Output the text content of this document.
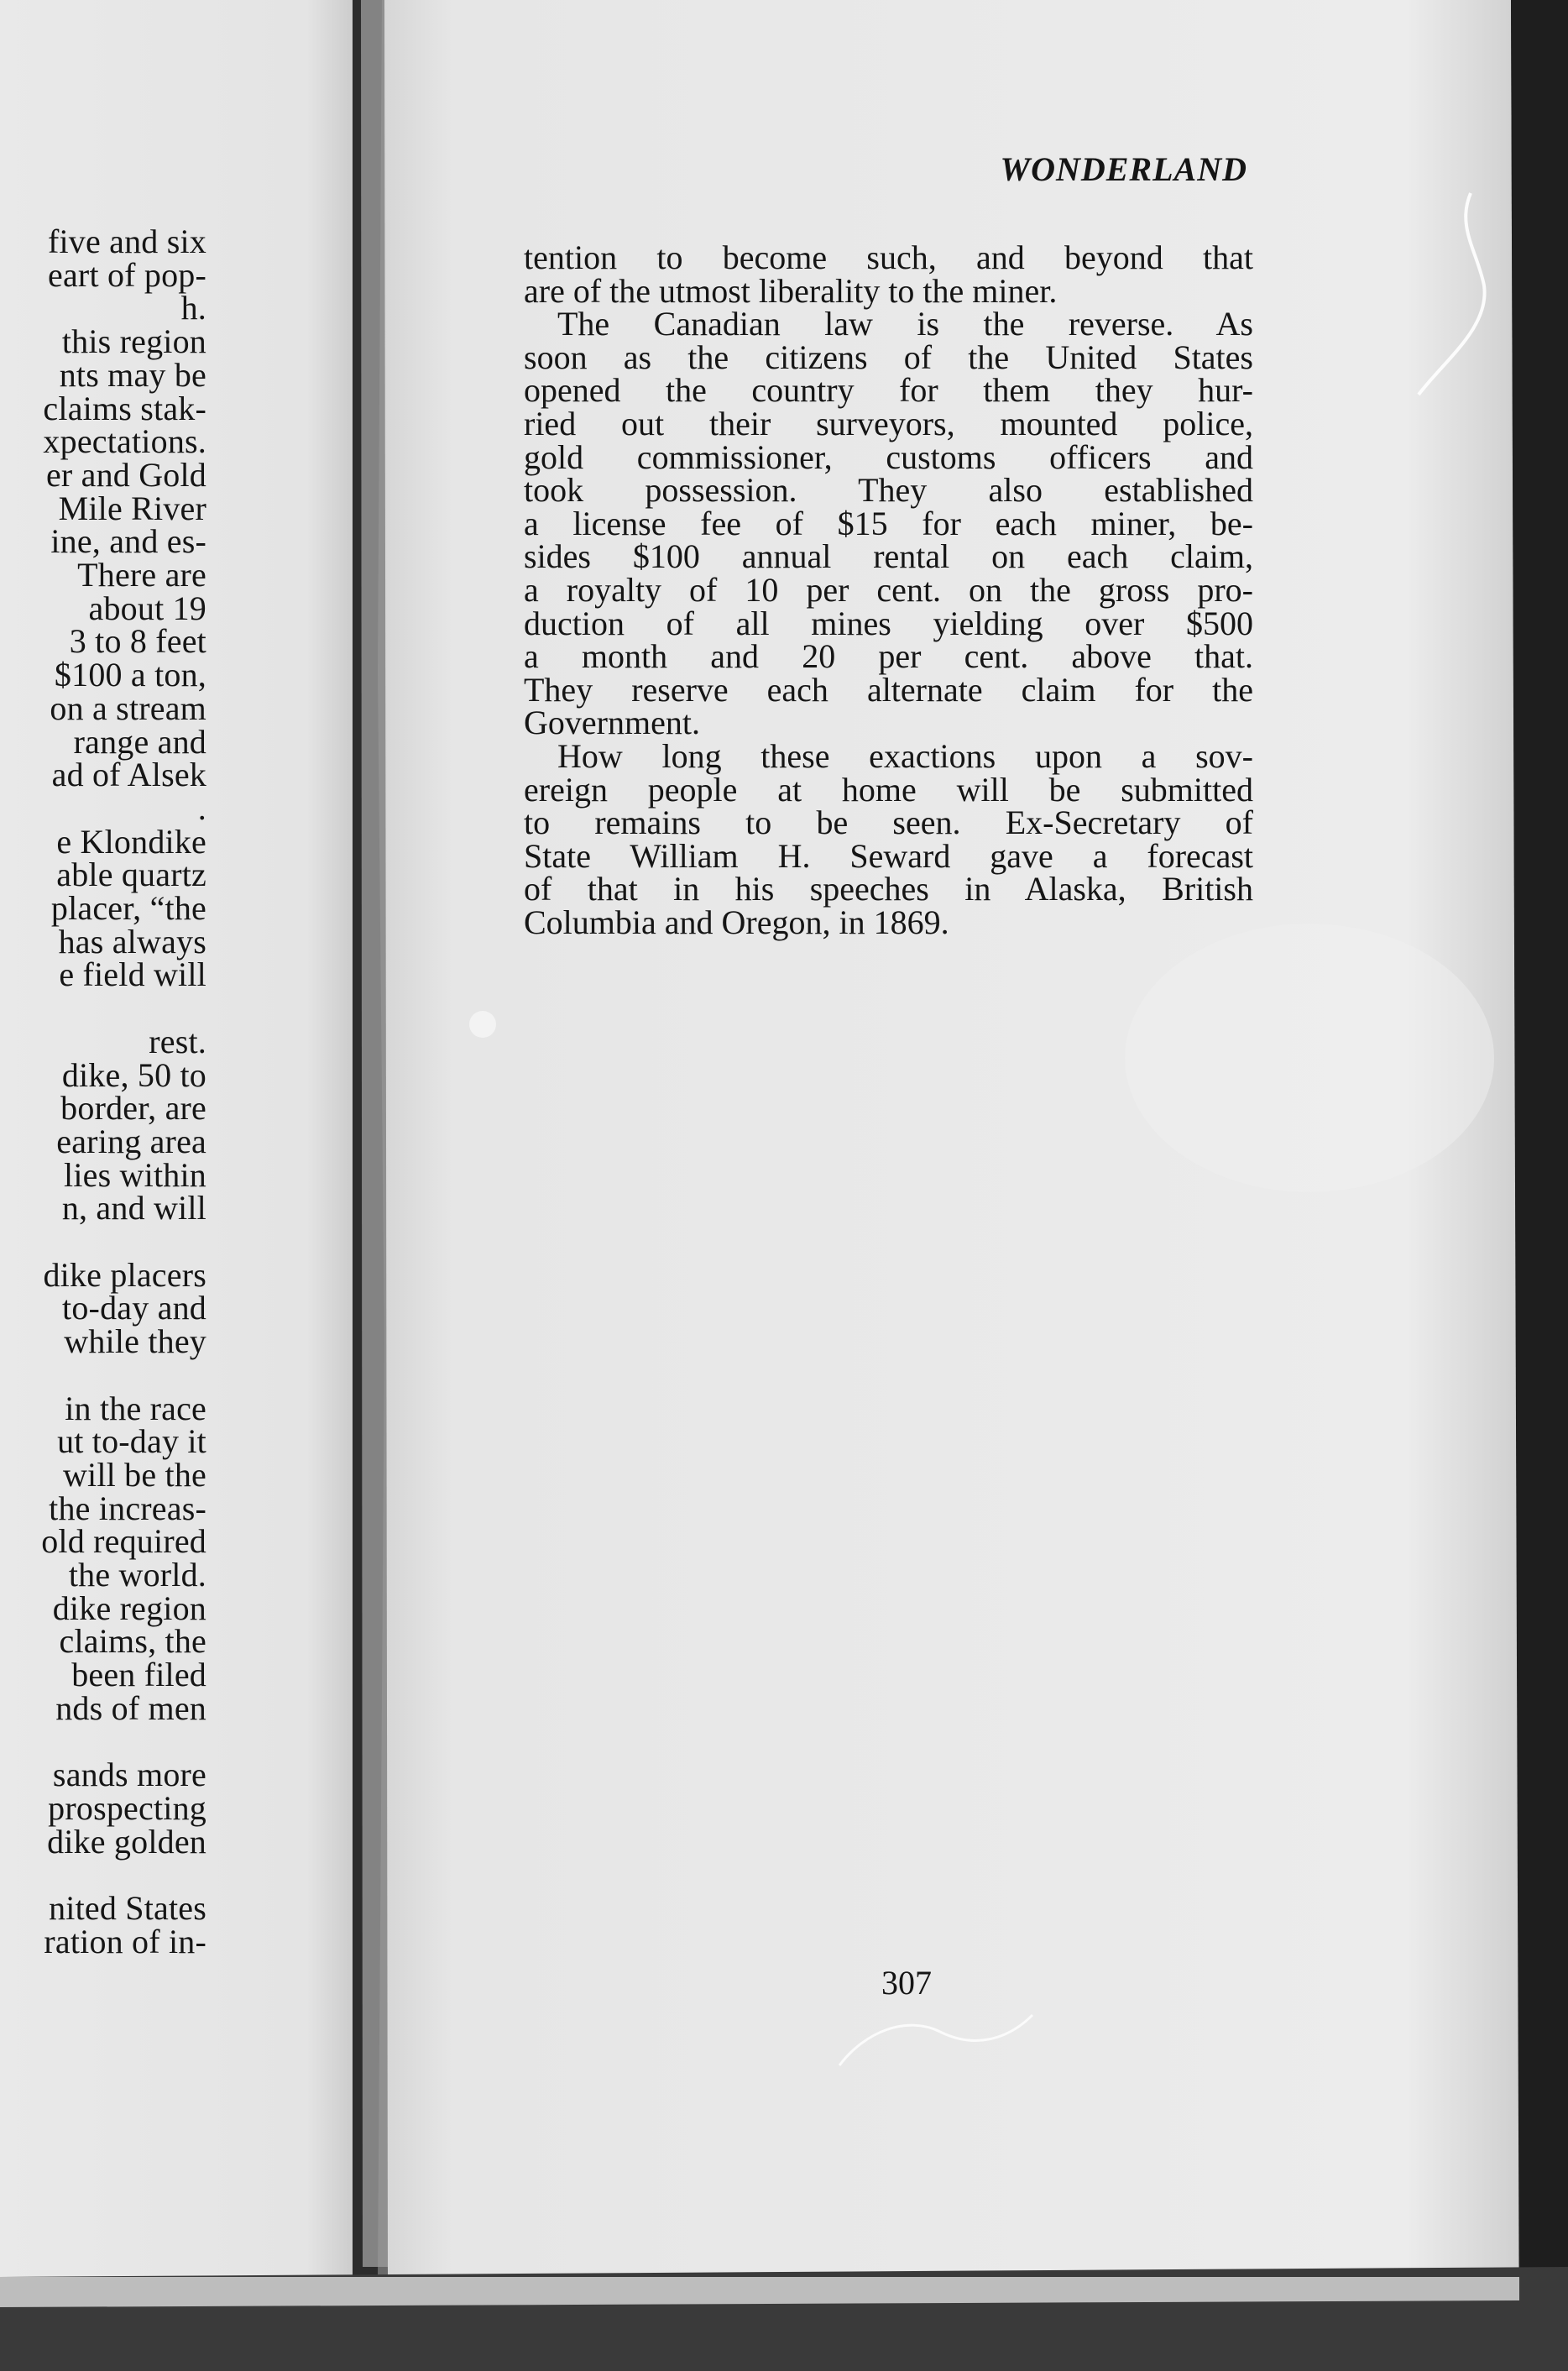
five and six
eart of pop-
h.
this region
nts may be
claims stak-
xpectations.
er and Gold
Mile River
ine, and es-
There are
about 19
3 to 8 feet
$100 a ton,
on a stream
range and
ad of Alsek
.
e Klondike
able quartz
placer, “the
has always
e field will
rest.
dike, 50 to
border, are
earing area
lies within
n, and will
dike placers
to-day and
while they
in the race
ut to-day it
will be the
the increas-
old required
the world.
dike region
claims, the
been filed
nds of men
sands more
prospecting
dike golden
nited States
ration of in-
WONDERLAND
tention to become such, and beyond that
are of the utmost liberality to the miner.
The Canadian law is the reverse. As
soon as the citizens of the United States
opened the country for them they hur-
ried out their surveyors, mounted police,
gold commissioner, customs officers and
took possession. They also established
a license fee of $15 for each miner, be-
sides $100 annual rental on each claim,
a royalty of 10 per cent. on the gross pro-
duction of all mines yielding over $500
a month and 20 per cent. above that.
They reserve each alternate claim for the
Government.
How long these exactions upon a sov-
ereign people at home will be submitted
to remains to be seen. Ex-Secretary of
State William H. Seward gave a forecast
of that in his speeches in Alaska, British
Columbia and Oregon, in 1869.
307
